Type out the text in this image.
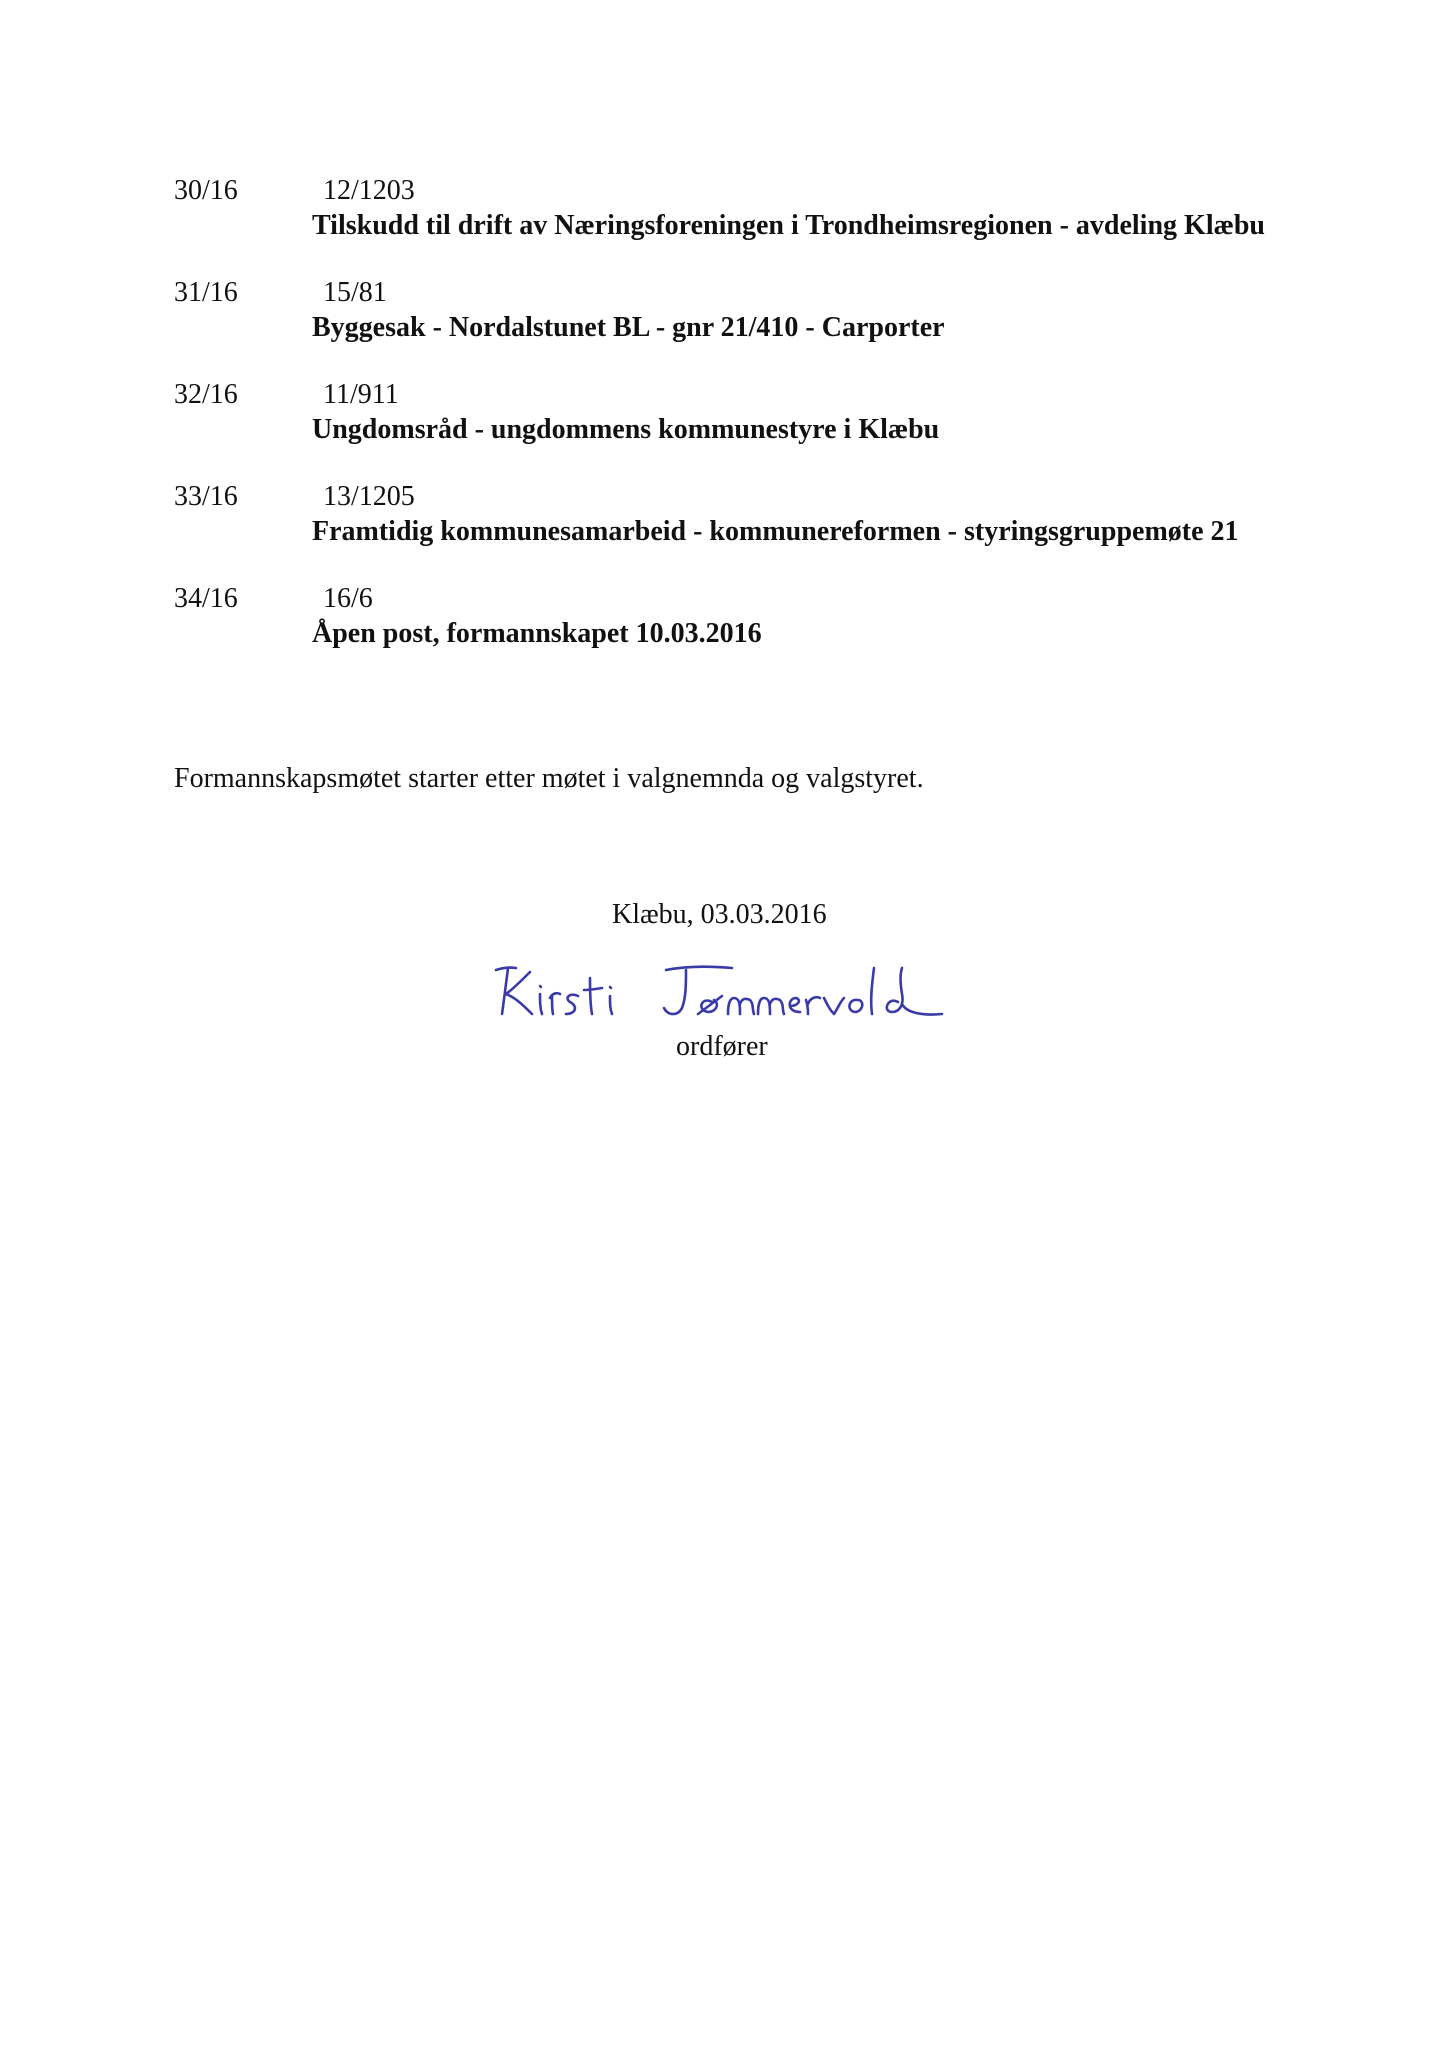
30/16	12/1203
Tilskudd til drift av Næringsforeningen i Trondheimsregionen - avdeling Klæbu
31/16	15/81
Byggesak - Nordalstunet BL - gnr 21/410 - Carporter
32/16	11/911
Ungdomsråd - ungdommens kommunestyre i Klæbu
33/16	13/1205
Framtidig kommunesamarbeid - kommunereformen - styringsgruppemøte 21
34/16	16/6
Åpen post, formannskapet 10.03.2016
Formannskapsmøtet starter etter møtet i valgnemnda og valgstyret.
Klæbu, 03.03.2016
ordfører
